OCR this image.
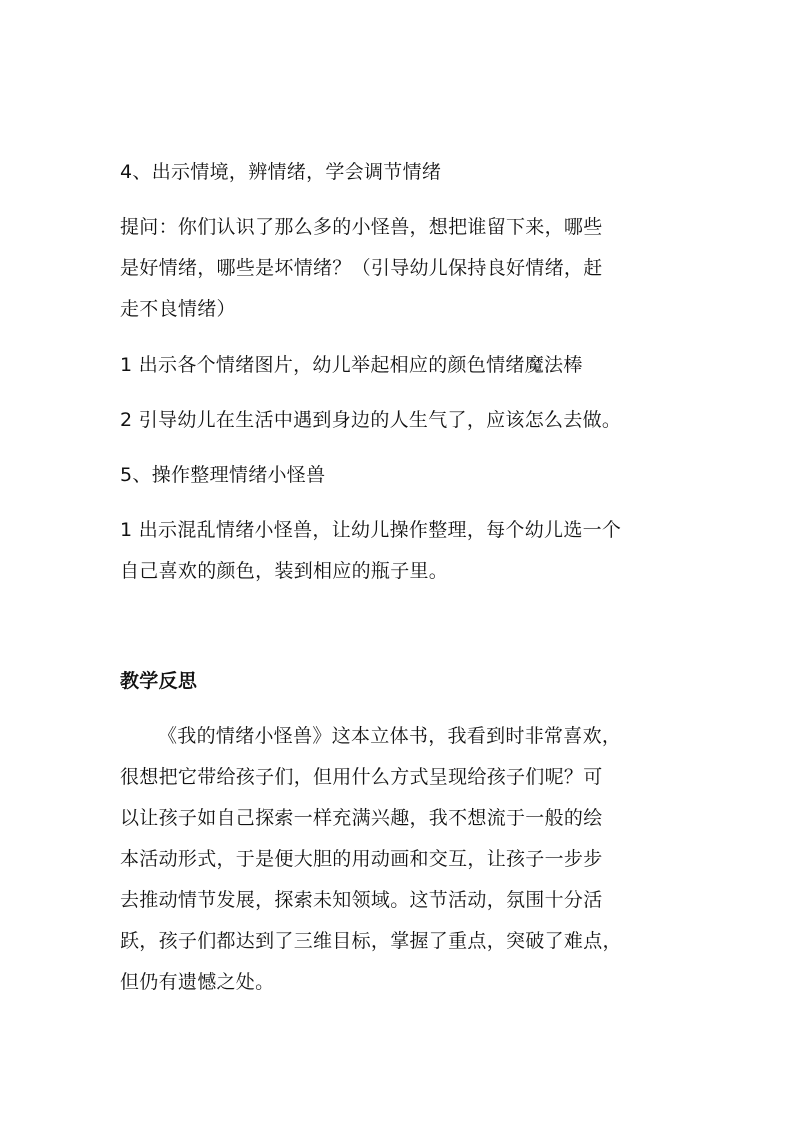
4、出示情境，辨情绪，学会调节情绪
提问：你们认识了那么多的小怪兽，想把谁留下来，哪些
是好情绪，哪些是坏情绪？（引导幼儿保持良好情绪，赶
走不良情绪）
1 出示各个情绪图片，幼儿举起相应的颜色情绪魔法棒
2 引导幼儿在生活中遇到身边的人生气了，应该怎么去做。
5、操作整理情绪小怪兽
1 出示混乱情绪小怪兽，让幼儿操作整理，每个幼儿选一个
自己喜欢的颜色，装到相应的瓶子里。
教学反思
《我的情绪小怪兽》这本立体书，我看到时非常喜欢，
很想把它带给孩子们，但用什么方式呈现给孩子们呢？可
以让孩子如自己探索一样充满兴趣，我不想流于一般的绘
本活动形式，于是便大胆的用动画和交互，让孩子一步步
去推动情节发展，探索未知领域。这节活动，氛围十分活
跃，孩子们都达到了三维目标，掌握了重点，突破了难点，
但仍有遗憾之处。
